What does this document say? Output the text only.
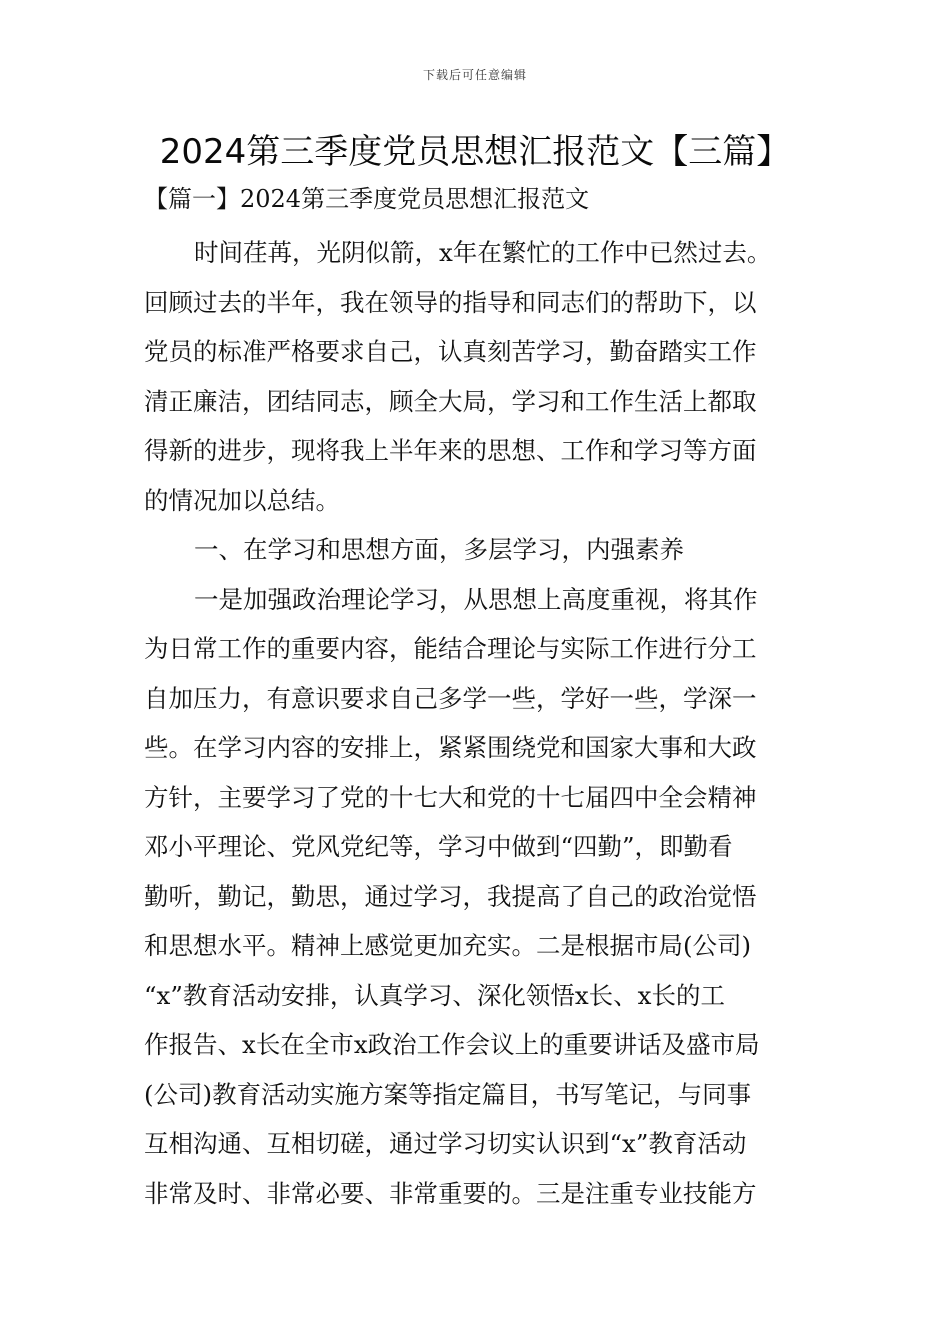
下载后可任意编辑
2024第三季度党员思想汇报范文【三篇】
【篇一】2024第三季度党员思想汇报范文
时间荏苒，光阴似箭，x年在繁忙的工作中已然过去。
回顾过去的半年，我在领导的指导和同志们的帮助下，以
党员的标准严格要求自己，认真刻苦学习，勤奋踏实工作
清正廉洁，团结同志，顾全大局，学习和工作生活上都取
得新的进步，现将我上半年来的思想、工作和学习等方面
的情况加以总结。
一、在学习和思想方面，多层学习，内强素养
一是加强政治理论学习，从思想上高度重视，将其作
为日常工作的重要内容，能结合理论与实际工作进行分工
自加压力，有意识要求自己多学一些，学好一些，学深一
些。在学习内容的安排上，紧紧围绕党和国家大事和大政
方针，主要学习了党的十七大和党的十七届四中全会精神
邓小平理论、党风党纪等，学习中做到“四勤”，即勤看
勤听，勤记，勤思，通过学习，我提高了自己的政治觉悟
和思想水平。精神上感觉更加充实。二是根据市局(公司)
“x”教育活动安排，认真学习、深化领悟x长、x长的工
作报告、x长在全市x政治工作会议上的重要讲话及盛市局
(公司)教育活动实施方案等指定篇目，书写笔记，与同事
互相沟通、互相切磋，通过学习切实认识到“x”教育活动
非常及时、非常必要、非常重要的。三是注重专业技能方
